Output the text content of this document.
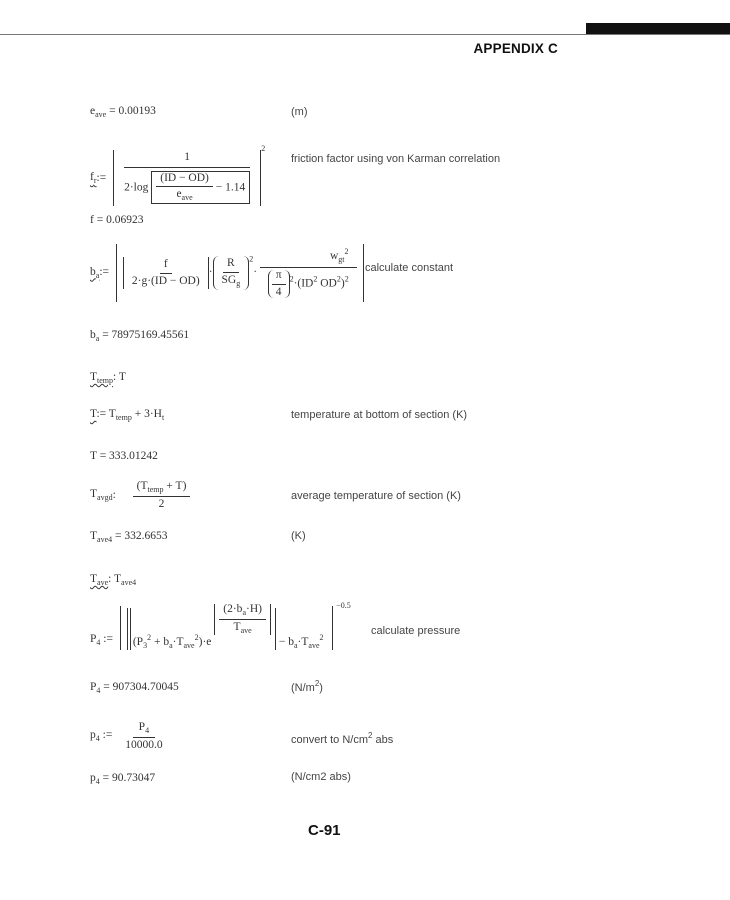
APPENDIX C
$e_{ave} = 0.00193$	(m)
$f_r:= \frac{1}{2\cdot\log \frac{(ID - OD)}{e_{ave}} - 1.14}$
$^2$
friction factor using von Karman correlation
f = 0.06923
$b_a:= \frac{f}{2\cdot g\cdot(ID - OD)} \cdot \frac{R}{SG_g} ^2\cdot \frac{w_{gt}^2}{\frac{\pi}{4} ^2\cdot(ID^2 OD^2)^2}$ calculate constant
$b_a = 78975169.45561$
$T_{temp}$: T
T:= $T_{temp} + 3\cdot H_t$	temperature at bottom of section (K)
T = 333.01242
$T_{avgd}$: $\frac{(T_{temp} + T)}{2}$	average temperature of section (K)
$T_{ave4} = 332.6653$	(K)
$T_{ave}$: $T_{ave4}$
$P_4$ := $(P_3^2 + b_a\cdot T_{ave}^2)\cdot e$
$\frac{(2\cdot b_a\cdot H)}{T_{ave}}$
− $b_a\cdot T_{ave}^2 -0.5$
calculate pressure
$P_4 = 907304.70045$	$(N/m^2)$
$p_4$ := $\frac{P_4}{10000.0}$	convert to $N/cm^2$ abs
$p_4 = 90.73047$	(N/cm2 abs)
C-91
